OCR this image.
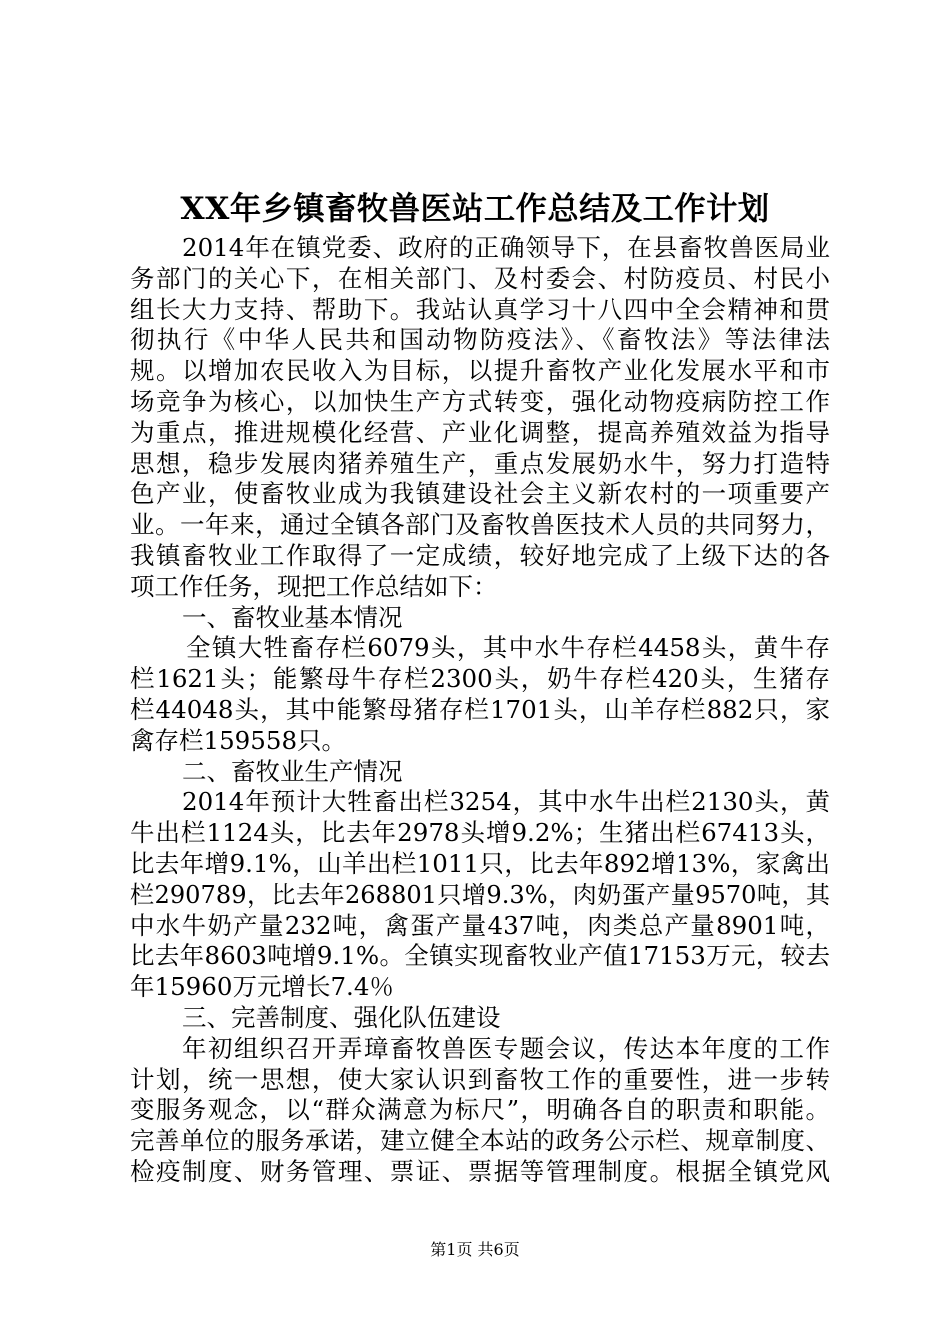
XX年乡镇畜牧兽医站工作总结及工作计划
2014年在镇党委、政府的正确领导下，在县畜牧兽医局业
务部门的关心下，在相关部门、及村委会、村防疫员、村民小
组长大力支持、帮助下。我站认真学习十八四中全会精神和贯
彻执行《中华人民共和国动物防疫法》、《畜牧法》等法律法
规。以增加农民收入为目标，以提升畜牧产业化发展水平和市
场竞争为核心，以加快生产方式转变，强化动物疫病防控工作
为重点，推进规模化经营、产业化调整，提高养殖效益为指导
思想，稳步发展肉猪养殖生产，重点发展奶水牛，努力打造特
色产业，使畜牧业成为我镇建设社会主义新农村的一项重要产
业。一年来，通过全镇各部门及畜牧兽医技术人员的共同努力，
我镇畜牧业工作取得了一定成绩，较好地完成了上级下达的各
项工作任务，现把工作总结如下：
一、畜牧业基本情况
全镇大牲畜存栏6079头，其中水牛存栏4458头，黄牛存
栏1621头；能繁母牛存栏2300头，奶牛存栏420头，生猪存
栏44048头，其中能繁母猪存栏1701头，山羊存栏882只，家
禽存栏159558只。
二、畜牧业生产情况
2014年预计大牲畜出栏3254，其中水牛出栏2130头，黄
牛出栏1124头，比去年2978头增9.2%；生猪出栏67413头，
比去年增9.1%，山羊出栏1011只，比去年892增13%，家禽出
栏290789，比去年268801只增9.3%，肉奶蛋产量9570吨，其
中水牛奶产量232吨，禽蛋产量437吨，肉类总产量8901吨，
比去年8603吨增9.1%。全镇实现畜牧业产值17153万元，较去
年15960万元增长7.4％
三、完善制度、强化队伍建设
年初组织召开弄璋畜牧兽医专题会议，传达本年度的工作
计划，统一思想，使大家认识到畜牧工作的重要性，进一步转
变服务观念，以“群众满意为标尺”，明确各自的职责和职能。
完善单位的服务承诺，建立健全本站的政务公示栏、规章制度、
检疫制度、财务管理、票证、票据等管理制度。根据全镇党风
第1页 共6页
